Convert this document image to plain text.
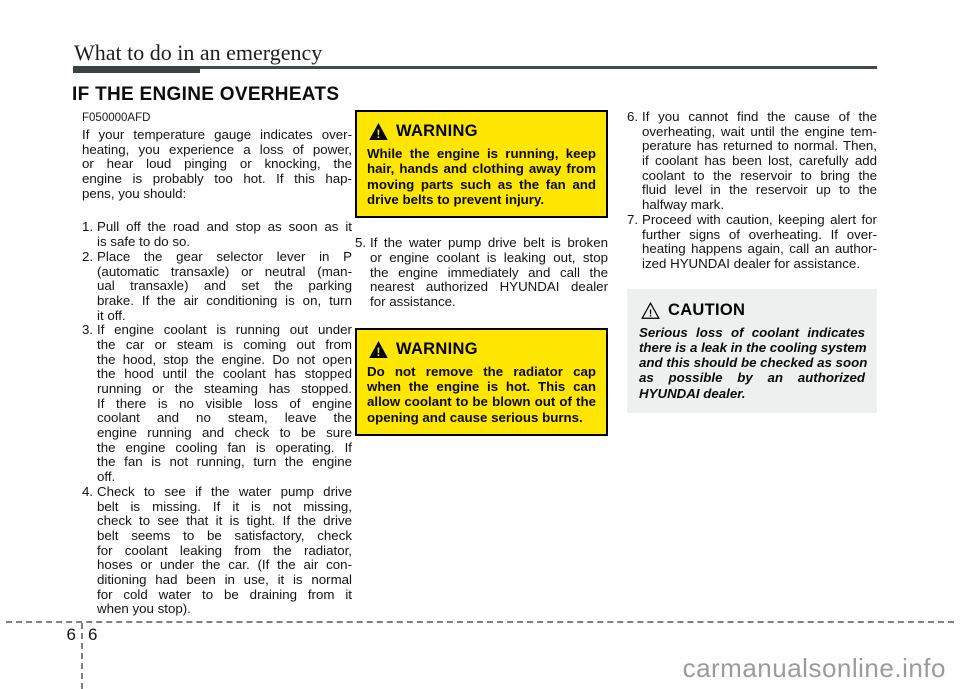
What to do in an emergency
IF THE ENGINE OVERHEATS
F050000AFD
If your temperature gauge indicates over-
heating, you experience a loss of power,
or hear loud pinging or knocking, the
engine is probably too hot. If this hap-
pens, you should:
1. Pull off the road and stop as soon as it
is safe to do so.
2. Place the gear selector lever in P
(automatic transaxle) or neutral (man-
ual transaxle) and set the parking
brake. If the air conditioning is on, turn
it off.
3. If engine coolant is running out under
the car or steam is coming out from
the hood, stop the engine. Do not open
the hood until the coolant has stopped
running or the steaming has stopped.
If there is no visible loss of engine
coolant and no steam, leave the
engine running and check to be sure
the engine cooling fan is operating. If
the fan is not running, turn the engine
off.
4. Check to see if the water pump drive
belt is missing. If it is not missing,
check to see that it is tight. If the drive
belt seems to be satisfactory, check
for coolant leaking from the radiator,
hoses or under the car. (If the air con-
ditioning had been in use, it is normal
for cold water to be draining from it
when you stop).
! WARNING
While the engine is running, keep
hair, hands and clothing away from
moving parts such as the fan and
drive belts to prevent injury.
5. If the water pump drive belt is broken
or engine coolant is leaking out, stop
the engine immediately and call the
nearest authorized HYUNDAI dealer
for assistance.
! WARNING
Do not remove the radiator cap
when the engine is hot. This can
allow coolant to be blown out of the
opening and cause serious burns.
6. If you cannot find the cause of the
overheating, wait until the engine tem-
perature has returned to normal. Then,
if coolant has been lost, carefully add
coolant to the reservoir to bring the
fluid level in the reservoir up to the
halfway mark.
7. Proceed with caution, keeping alert for
further signs of overheating. If over-
heating happens again, call an author-
ized HYUNDAI dealer for assistance.
! CAUTION
Serious loss of coolant indicates
there is a leak in the cooling system
and this should be checked as soon
as possible by an authorized
HYUNDAI dealer.
6 6
carmanualsonline.info
